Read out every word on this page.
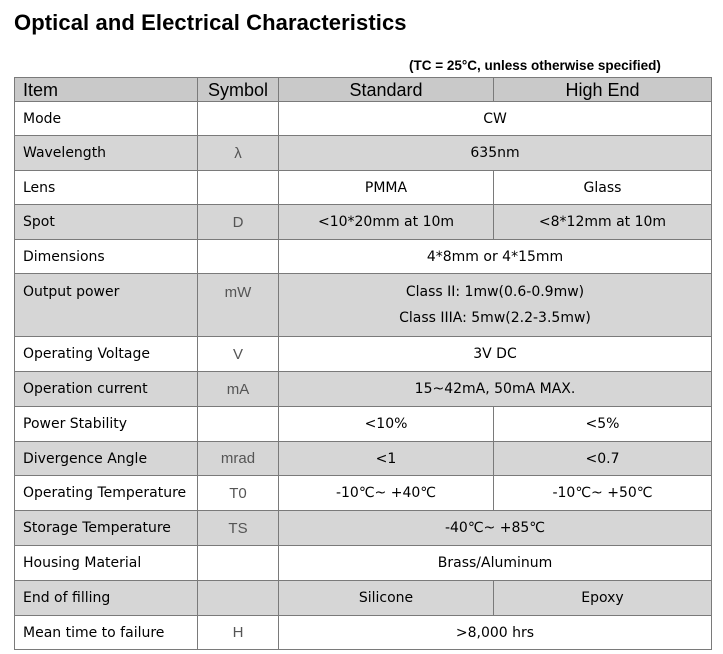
Optical and Electrical Characteristics
(TC = 25°C, unless otherwise specified)
Item	Symbol	Standard	High End
Mode		CW	
Wavelength	λ	635nm	
Lens		PMMA	Glass
Spot	D	<10*20mm at 10m	<8*12mm at 10m
Dimensions		4*8mm or 4*15mm	
Output power	mW	Class II: 1mw(0.6-0.9mw)
Class IIIA: 5mw(2.2-3.5mw)	

Operating Voltage	V	3V DC	
Operation current	mA	15~42mA, 50mA MAX.	
Power Stability		<10%	<5%
Divergence Angle	mrad	<1	<0.7
Operating Temperature	T0	-10℃~ +40℃	-10℃~ +50℃
Storage Temperature	TS	-40℃~ +85℃	
Housing Material		Brass/Aluminum	
End of filling		Silicone	Epoxy
Mean time to failure	H	>8,000 hrs	
